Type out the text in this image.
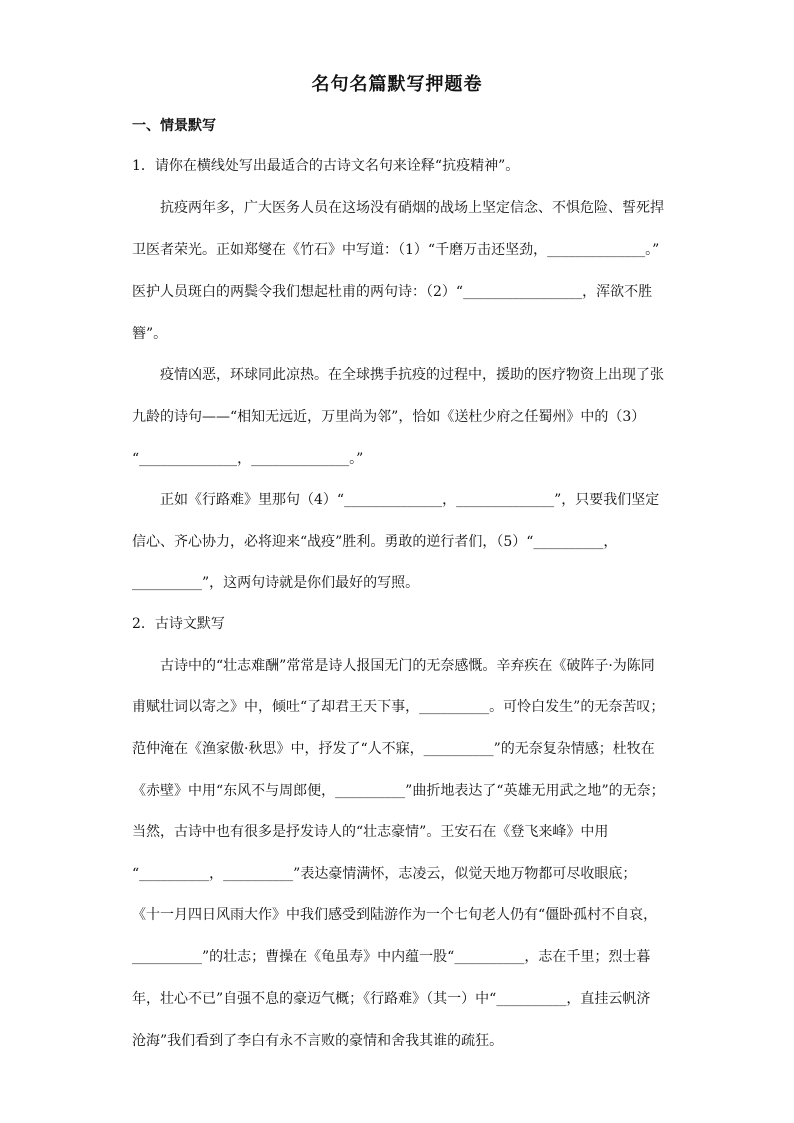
名句名篇默写押题卷
一、情景默写
1．请你在横线处写出最适合的古诗文名句来诠释“抗疫精神”。
抗疫两年多，广大医务人员在这场没有硝烟的战场上坚定信念、不惧危险、誓死捍
卫医者荣光。正如郑燮在《竹石》中写道：（1）“千磨万击还坚劲，______________。”
医护人员斑白的两鬓令我们想起杜甫的两句诗：（2）“_________________，浑欲不胜
簪”。
疫情凶恶，环球同此凉热。在全球携手抗疫的过程中，援助的医疗物资上出现了张
九龄的诗句——“相知无远近，万里尚为邻”，恰如《送杜少府之任蜀州》中的（3）
“______________，______________。”
正如《行路难》里那句（4）“______________，______________”，只要我们坚定
信心、齐心协力，必将迎来“战疫”胜利。勇敢的逆行者们，（5）“__________，
__________”，这两句诗就是你们最好的写照。
2．古诗文默写
古诗中的“壮志难酬”常常是诗人报国无门的无奈感慨。辛弃疾在《破阵子·为陈同
甫赋壮词以寄之》中，倾吐“了却君王天下事，__________。可怜白发生”的无奈苦叹；
范仲淹在《渔家傲·秋思》中，抒发了“人不寐，__________”的无奈复杂情感；杜牧在
《赤壁》中用“东风不与周郎便，__________”曲折地表达了“英雄无用武之地”的无奈；
当然，古诗中也有很多是抒发诗人的“壮志豪情”。王安石在《登飞来峰》中用
“__________，__________”表达豪情满怀，志凌云，似觉天地万物都可尽收眼底；
《十一月四日风雨大作》中我们感受到陆游作为一个七旬老人仍有“僵卧孤村不自哀，
__________”的壮志；曹操在《龟虽寿》中内蕴一股“__________，志在千里；烈士暮
年，壮心不已”自强不息的豪迈气概；《行路难》（其一）中“__________，直挂云帆济
沧海”我们看到了李白有永不言败的豪情和舍我其谁的疏狂。
